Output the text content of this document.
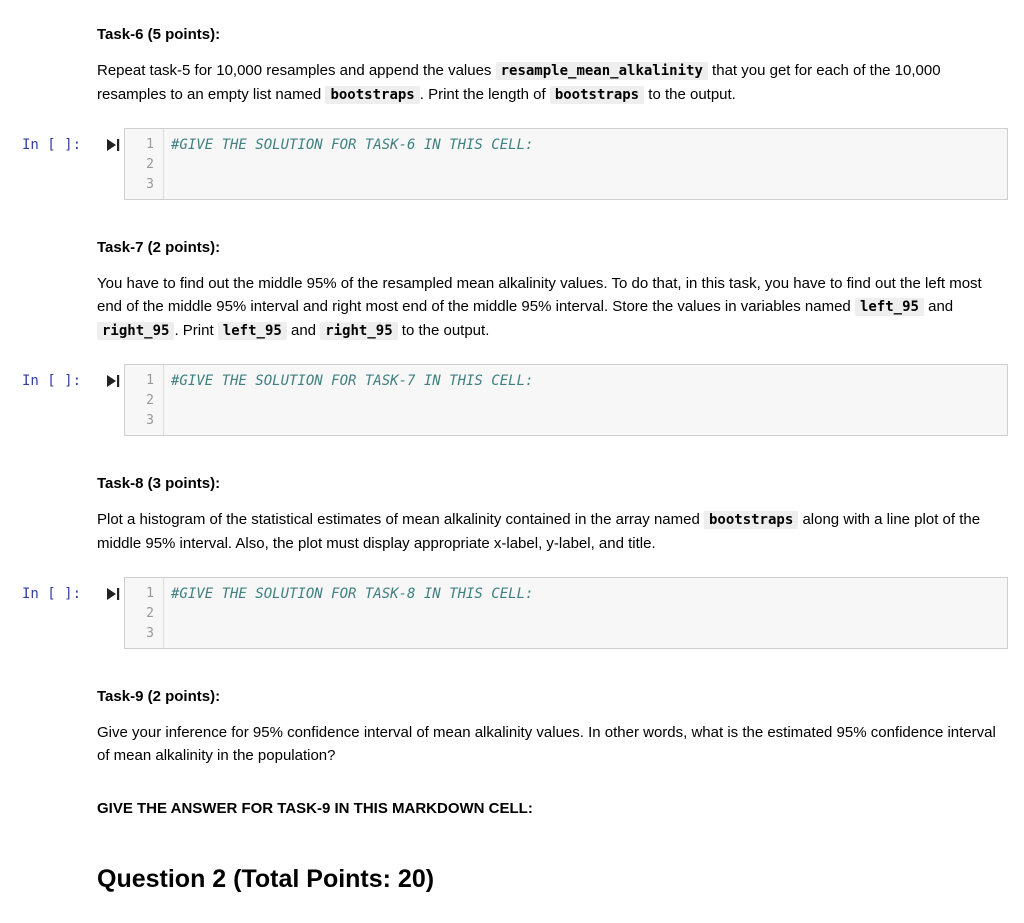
Task-6 (5 points):

Repeat task-5 for 10,000 resamples and append the values resample_mean_alkalinity that you get for each of the 10,000 resamples to an empty list named bootstraps . Print the length of bootstraps to the output.

In [ ]:	1
2
3
#GIVE THE SOLUTION FOR TASK-6 IN THIS CELL:

Task-7 (2 points):

You have to find out the middle 95% of the resampled mean alkalinity values. To do that, in this task, you have to find out the left most end of the middle 95% interval and right most end of the middle 95% interval. Store the values in variables named left_95 and right_95 . Print left_95 and right_95 to the output.

In [ ]:	1
2
3
#GIVE THE SOLUTION FOR TASK-7 IN THIS CELL:

Task-8 (3 points):

Plot a histogram of the statistical estimates of mean alkalinity contained in the array named bootstraps along with a line plot of the middle 95% interval. Also, the plot must display appropriate x-label, y-label, and title.

In [ ]:	1
2
3
#GIVE THE SOLUTION FOR TASK-8 IN THIS CELL:

Task-9 (2 points):

Give your inference for 95% confidence interval of mean alkalinity values. In other words, what is the estimated 95% confidence interval of mean alkalinity in the population?

GIVE THE ANSWER FOR TASK-9 IN THIS MARKDOWN CELL:
Question 2 (Total Points: 20)
